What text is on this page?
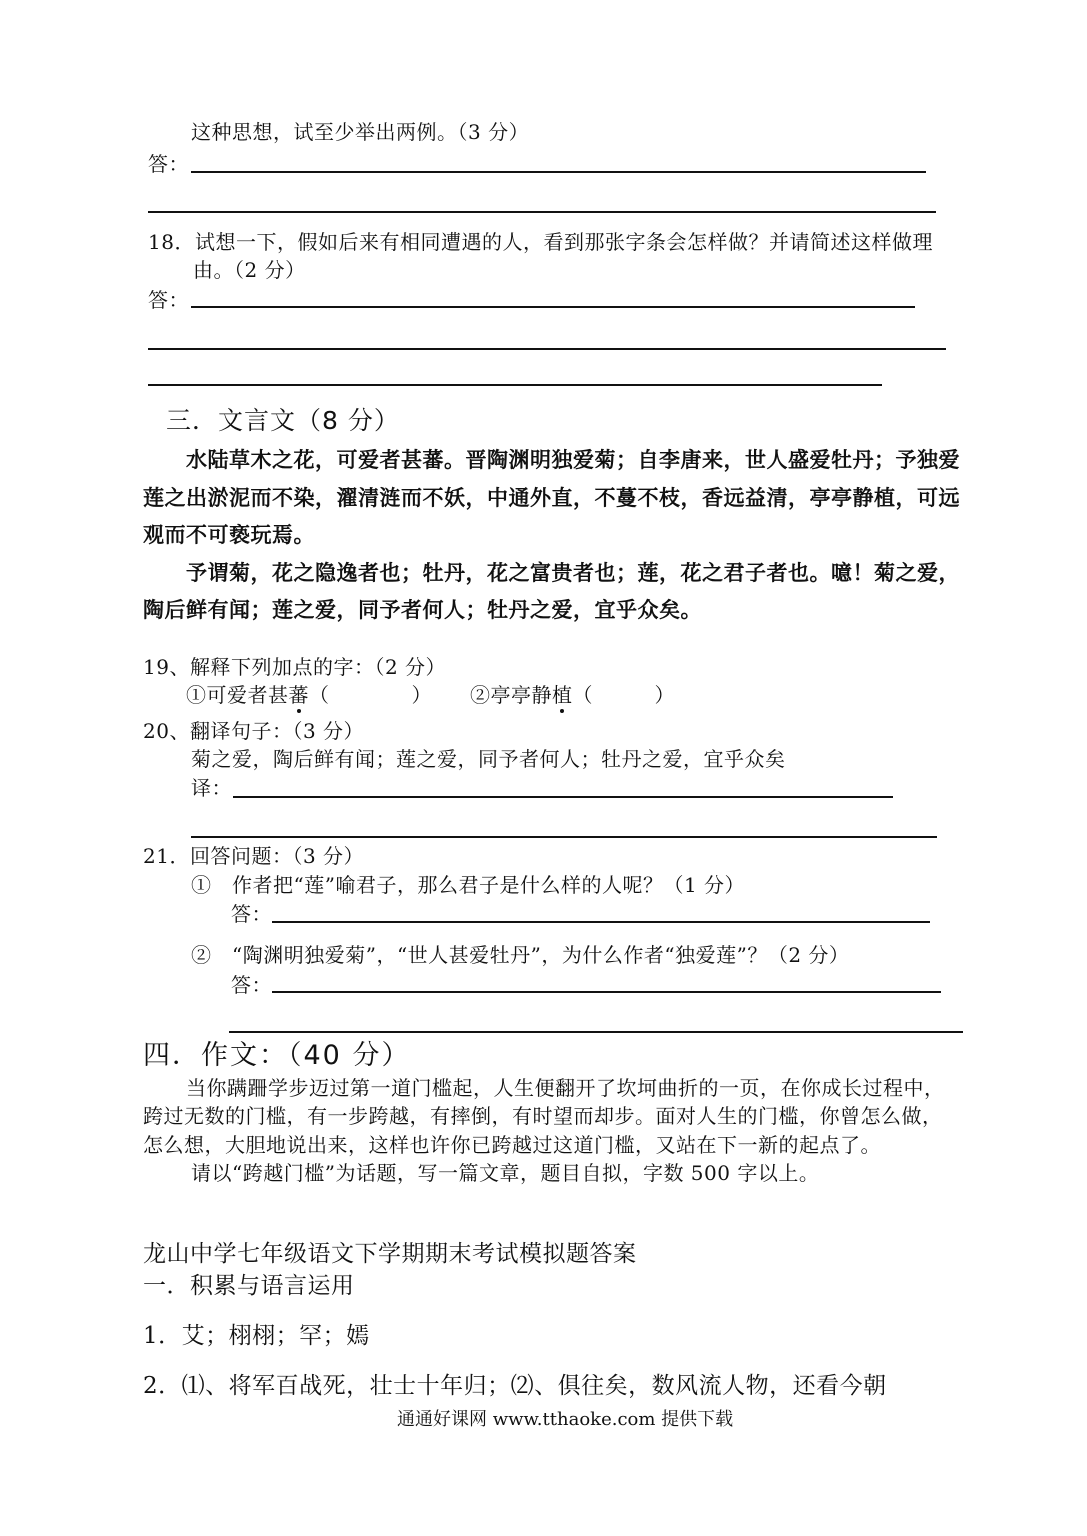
这种思想，试至少举出两例。（3 分）
答：
18．试想一下，假如后来有相同遭遇的人，看到那张字条会怎样做？并请简述这样做理
由。（2 分）
答：
三．文言文（8 分）
水陆草木之花，可爱者甚蕃。晋陶渊明独爱菊；自李唐来，世人盛爱牡丹；予独爱
莲之出淤泥而不染，濯清涟而不妖，中通外直，不蔓不枝，香远益清，亭亭静植，可远
观而不可亵玩焉。
予谓菊，花之隐逸者也；牡丹，花之富贵者也；莲，花之君子者也。噫！菊之爱，
陶后鲜有闻；莲之爱，同予者何人；牡丹之爱，宜乎众矣。
19、解释下列加点的字：（2 分）
①可爱者甚蕃（　　　　） ②亭亭静植（　　　）
20、翻译句子：（3 分）
菊之爱，陶后鲜有闻；莲之爱，同予者何人；牡丹之爱，宜乎众矣
译：
21．回答问题：（3 分）
①　作者把“莲”喻君子，那么君子是什么样的人呢？（1 分）
答：
②　“陶渊明独爱菊”，“世人甚爱牡丹”，为什么作者“独爱莲”？（2 分）
答：
四．作文：（40 分）
当你蹒跚学步迈过第一道门槛起，人生便翻开了坎坷曲折的一页，在你成长过程中，
跨过无数的门槛，有一步跨越，有摔倒，有时望而却步。面对人生的门槛，你曾怎么做，
怎么想，大胆地说出来，这样也许你已跨越过这道门槛，又站在下一新的起点了。
请以“跨越门槛”为话题，写一篇文章，题目自拟，字数 500 字以上。
龙山中学七年级语文下学期期末考试模拟题答案
一．积累与语言运用
1．艾；栩栩；罕；嫣
2．⑴、将军百战死，壮士十年归；⑵、俱往矣，数风流人物，还看今朝
通通好课网 www.tthaoke.com 提供下载
